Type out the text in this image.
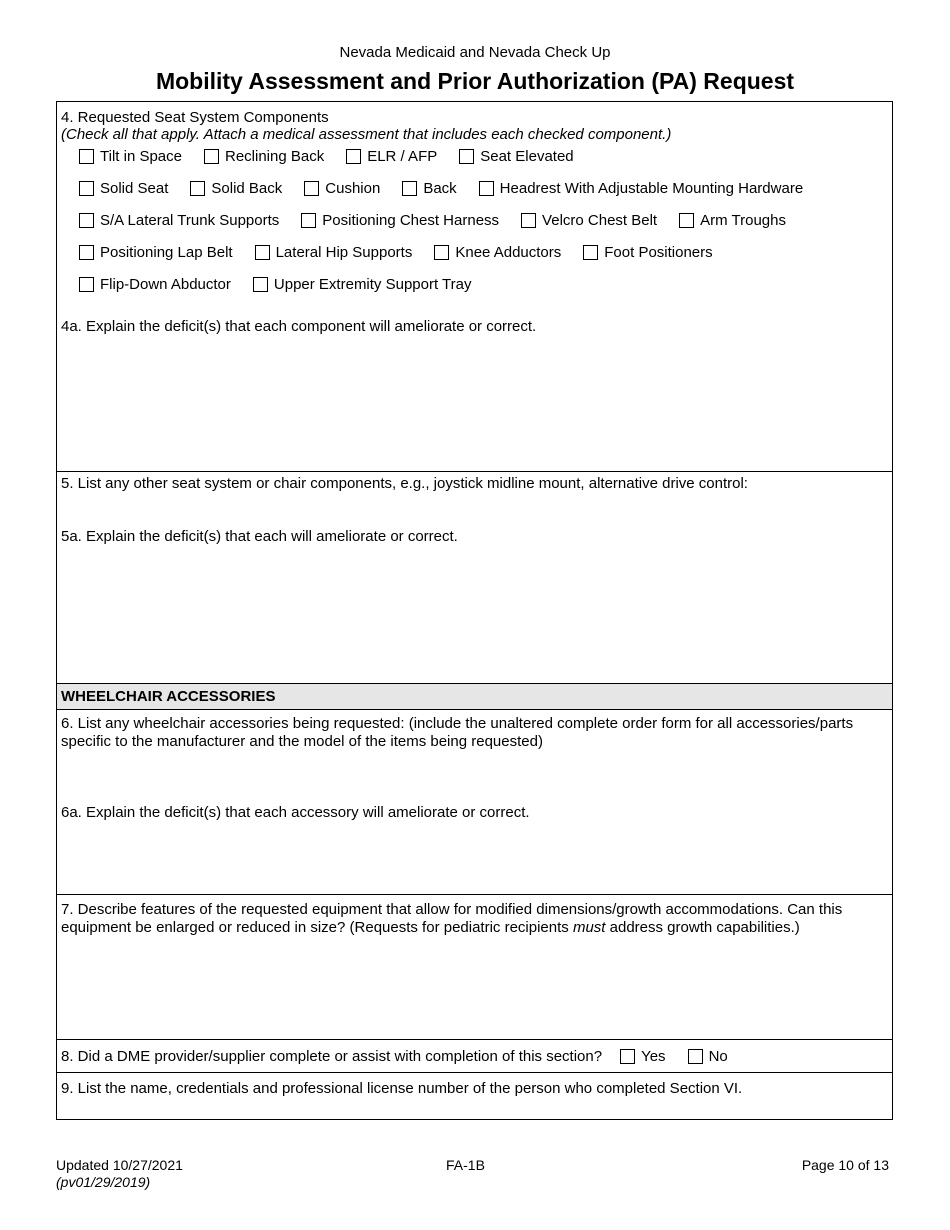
Nevada Medicaid and Nevada Check Up
Mobility Assessment and Prior Authorization (PA) Request
4. Requested Seat System Components
(Check all that apply. Attach a medical assessment that includes each checked component.)
Tilt in Space	Reclining Back	ELR / AFP	Seat Elevated
Solid Seat	Solid Back	Cushion	Back	Headrest With Adjustable Mounting Hardware
S/A Lateral Trunk Supports	Positioning Chest Harness	Velcro Chest Belt	Arm Troughs
Positioning Lap Belt	Lateral Hip Supports	Knee Adductors	Foot Positioners
Flip-Down Abductor	Upper Extremity Support Tray
4a. Explain the deficit(s) that each component will ameliorate or correct.
5. List any other seat system or chair components, e.g., joystick midline mount, alternative drive control:
5a. Explain the deficit(s) that each will ameliorate or correct.
WHEELCHAIR ACCESSORIES
6. List any wheelchair accessories being requested: (include the unaltered complete order form for all accessories/parts specific to the manufacturer and the model of the items being requested)
6a. Explain the deficit(s) that each accessory will ameliorate or correct.
7. Describe features of the requested equipment that allow for modified dimensions/growth accommodations. Can this equipment be enlarged or reduced in size? (Requests for pediatric recipients must address growth capabilities.)
8. Did a DME provider/supplier complete or assist with completion of this section?	Yes	No
9. List the name, credentials and professional license number of the person who completed Section VI.
Updated 10/27/2021
(pv01/29/2019)
FA-1B	Page 10 of 13
